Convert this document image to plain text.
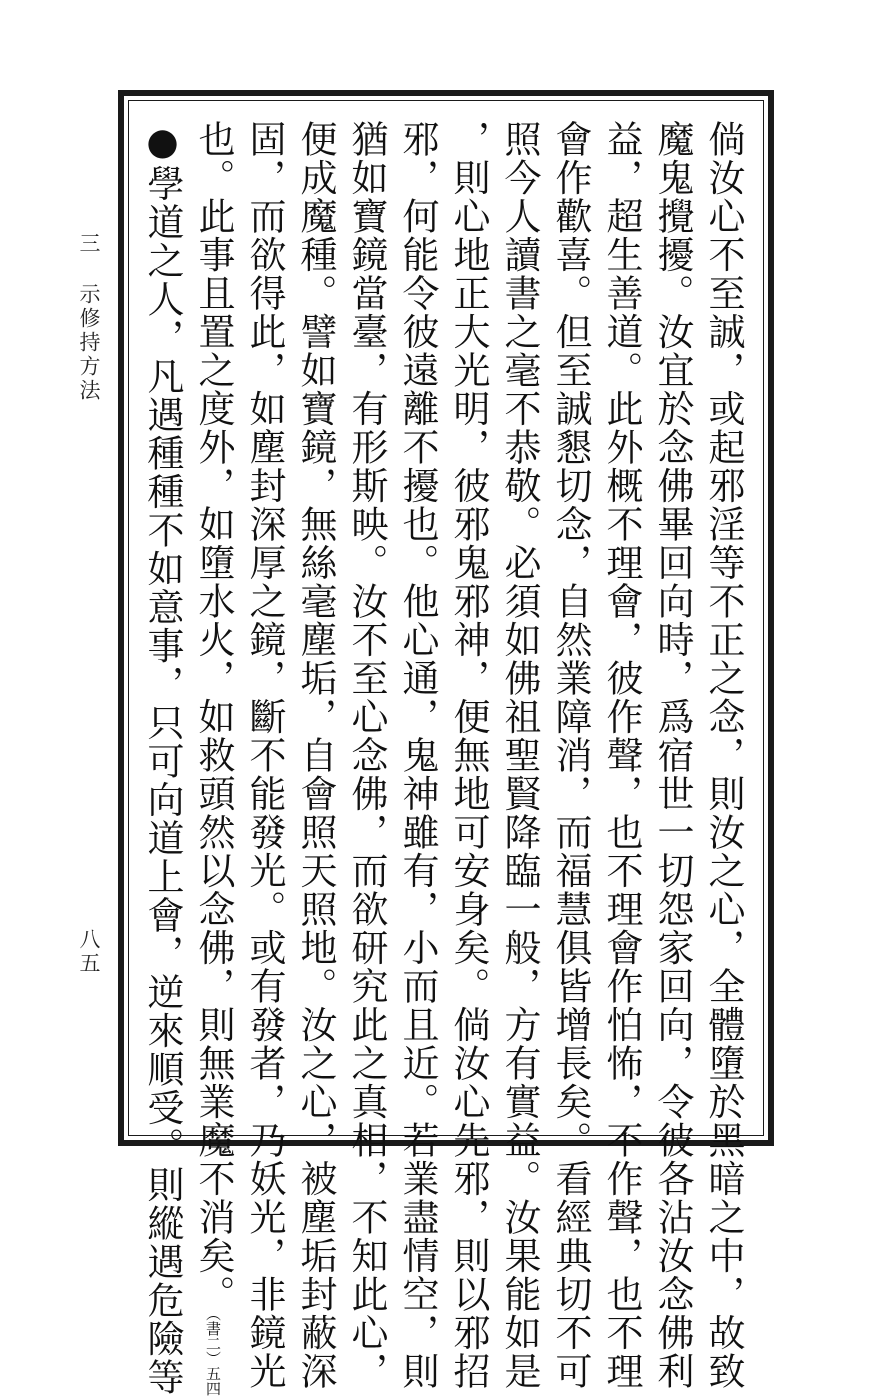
三 示修持方法
八五	倘汝心不至誠，或起邪淫等不正之念，則汝之心，全體墮於黑暗之中，故致

魔鬼攪擾。汝宜於念佛畢回向時，爲宿世一切怨家回向，令彼各沾汝念佛利

益，超生善道。此外概不理會，彼作聲，也不理會作怕怖，不作聲，也不理

會作歡喜。但至誠懇切念，自然業障消，而福慧俱皆增長矣。看經典切不可

照今人讀書之毫不恭敬。必須如佛祖聖賢降臨一般，方有實益。汝果能如是

，則心地正大光明，彼邪鬼邪神，便無地可安身矣。倘汝心先邪，則以邪招

邪，何能令彼遠離不擾也。他心通，鬼神雖有，小而且近。若業盡情空，則

猶如寶鏡當臺，有形斯映。汝不至心念佛，而欲研究此之真相，不知此心，

便成魔種。譬如寶鏡，無絲毫塵垢，自會照天照地。汝之心，被塵垢封蔽深

固，而欲得此，如塵封深厚之鏡，斷不能發光。或有發者，乃妖光，非鏡光

也。此事且置之度外，如墮水火，如救頭然以念佛，則無業魔不消矣。（書二）五四

●學道之人，凡遇種種不如意事，只可向道上會，逆來順受。則縱遇危險等
